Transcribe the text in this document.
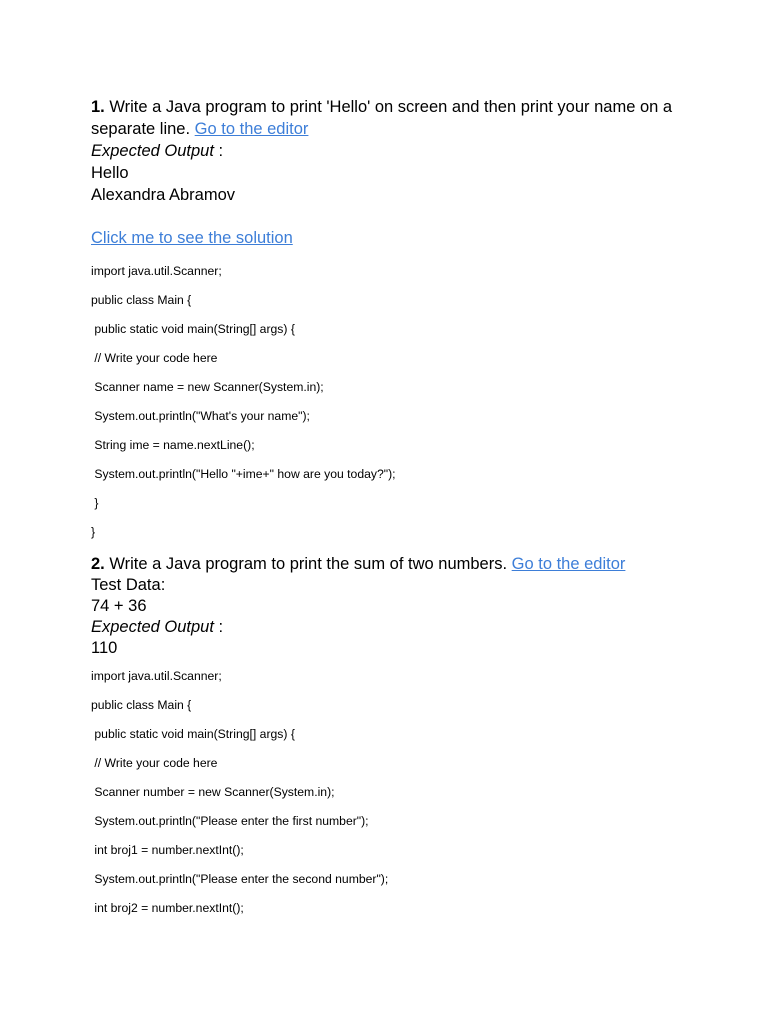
1. Write a Java program to print 'Hello' on screen and then print your name on a

separate line. Go to the editor

Expected Output :

Hello

Alexandra Abramov

Click me to see the solution
import java.util.Scanner;
public class Main {
public static void main(String[] args) {
// Write your code here
Scanner name = new Scanner(System.in);
System.out.println("What's your name");
String ime = name.nextLine();
System.out.println("Hello "+ime+" how are you today?");
}
}

2. Write a Java program to print the sum of two numbers. Go to the editor

Test Data:
74 + 36
Expected Output :
110
import java.util.Scanner;
public class Main {
public static void main(String[] args) {
// Write your code here
Scanner number = new Scanner(System.in);
System.out.println("Please enter the first number");
int broj1 = number.nextInt();
System.out.println("Please enter the second number");
int broj2 = number.nextInt();
